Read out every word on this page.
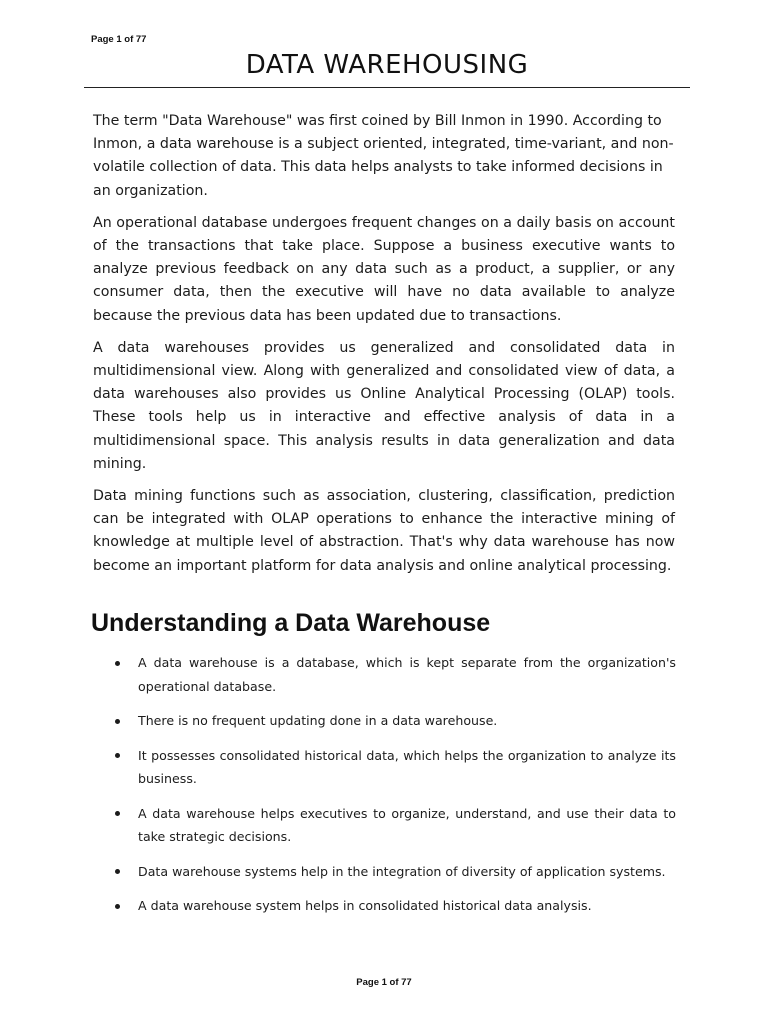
Page 1 of 77
DATA WAREHOUSING

The term "Data Warehouse" was first coined by Bill Inmon in 1990. According to Inmon, a data warehouse is a subject oriented, integrated, time-variant, and non-volatile collection of data. This data helps analysts to take informed decisions in an organization.

An operational database undergoes frequent changes on a daily basis on account of the transactions that take place. Suppose a business executive wants to analyze previous feedback on any data such as a product, a supplier, or any consumer data, then the executive will have no data available to analyze because the previous data has been updated due to transactions.

A data warehouses provides us generalized and consolidated data in multidimensional view. Along with generalized and consolidated view of data, a data warehouses also provides us Online Analytical Processing (OLAP) tools. These tools help us in interactive and effective analysis of data in a multidimensional space. This analysis results in data generalization and data mining.

Data mining functions such as association, clustering, classification, prediction can be integrated with OLAP operations to enhance the interactive mining of knowledge at multiple level of abstraction. That's why data warehouse has now become an important platform for data analysis and online analytical processing.

Understanding a Data Warehouse
A data warehouse is a database, which is kept separate from the organization's operational database.
There is no frequent updating done in a data warehouse.
It possesses consolidated historical data, which helps the organization to analyze its business.
A data warehouse helps executives to organize, understand, and use their data to take strategic decisions.
Data warehouse systems help in the integration of diversity of application systems.
A data warehouse system helps in consolidated historical data analysis.
Page 1 of 77
